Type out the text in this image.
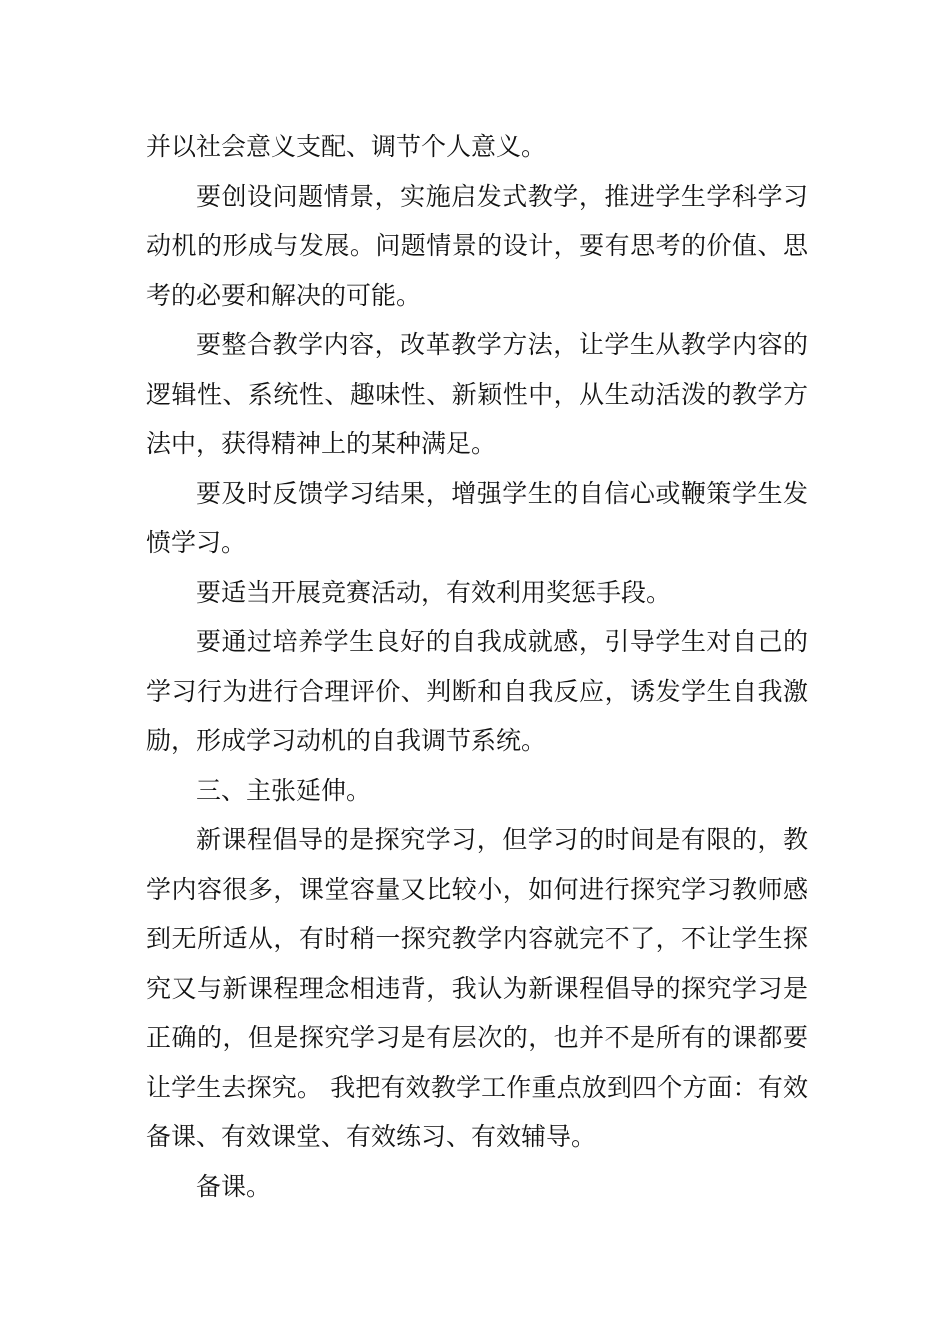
并以社会意义支配、调节个人意义。

要创设问题情景，实施启发式教学，推进学生学科学习动机的形成与发展。问题情景的设计，要有思考的价值、思考的必要和解决的可能。

要整合教学内容，改革教学方法，让学生从教学内容的逻辑性、系统性、趣味性、新颖性中，从生动活泼的教学方法中，获得精神上的某种满足。

要及时反馈学习结果，增强学生的自信心或鞭策学生发愤学习。

要适当开展竞赛活动，有效利用奖惩手段。

要通过培养学生良好的自我成就感，引导学生对自己的学习行为进行合理评价、判断和自我反应，诱发学生自我激励，形成学习动机的自我调节系统。

三、主张延伸。

新课程倡导的是探究学习，但学习的时间是有限的，教学内容很多，课堂容量又比较小，如何进行探究学习教师感到无所适从，有时稍一探究教学内容就完不了，不让学生探究又与新课程理念相违背，我认为新课程倡导的探究学习是正确的，但是探究学习是有层次的，也并不是所有的课都要让学生去探究。 我把有效教学工作重点放到四个方面：有效备课、有效课堂、有效练习、有效辅导。

备课。
